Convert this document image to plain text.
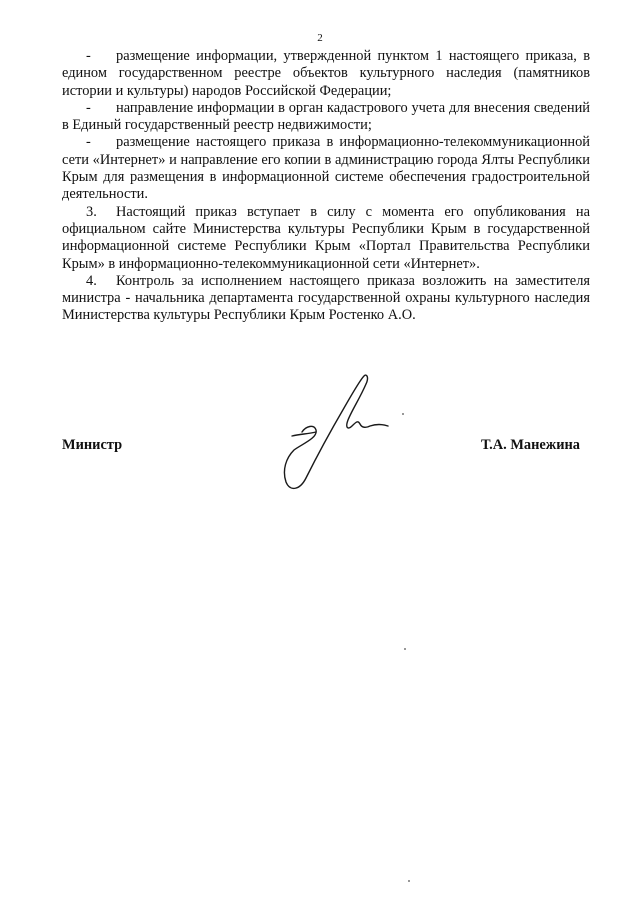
2

- размещение информации, утвержденной пунктом 1 настоящего приказа, в едином государственном реестре объектов культурного наследия (памятников истории и культуры) народов Российской Федерации;

- направление информации в орган кадастрового учета для внесения сведений в Единый государственный реестр недвижимости;

- размещение настоящего приказа в информационно-телекоммуникационной сети «Интернет» и направление его копии в администрацию города Ялты Республики Крым для размещения в информационной системе обеспечения градостроительной деятельности.

3. Настоящий приказ вступает в силу с момента его опубликования на официальном сайте Министерства культуры Республики Крым в государственной информационной системе Республики Крым «Портал Правительства Республики Крым» в информационно-телекоммуникационной сети «Интернет».

4. Контроль за исполнением настоящего приказа возложить на заместителя министра - начальника департамента государственной охраны культурного наследия Министерства культуры Республики Крым Ростенко А.О.

Министр	Т.А. Манежина
